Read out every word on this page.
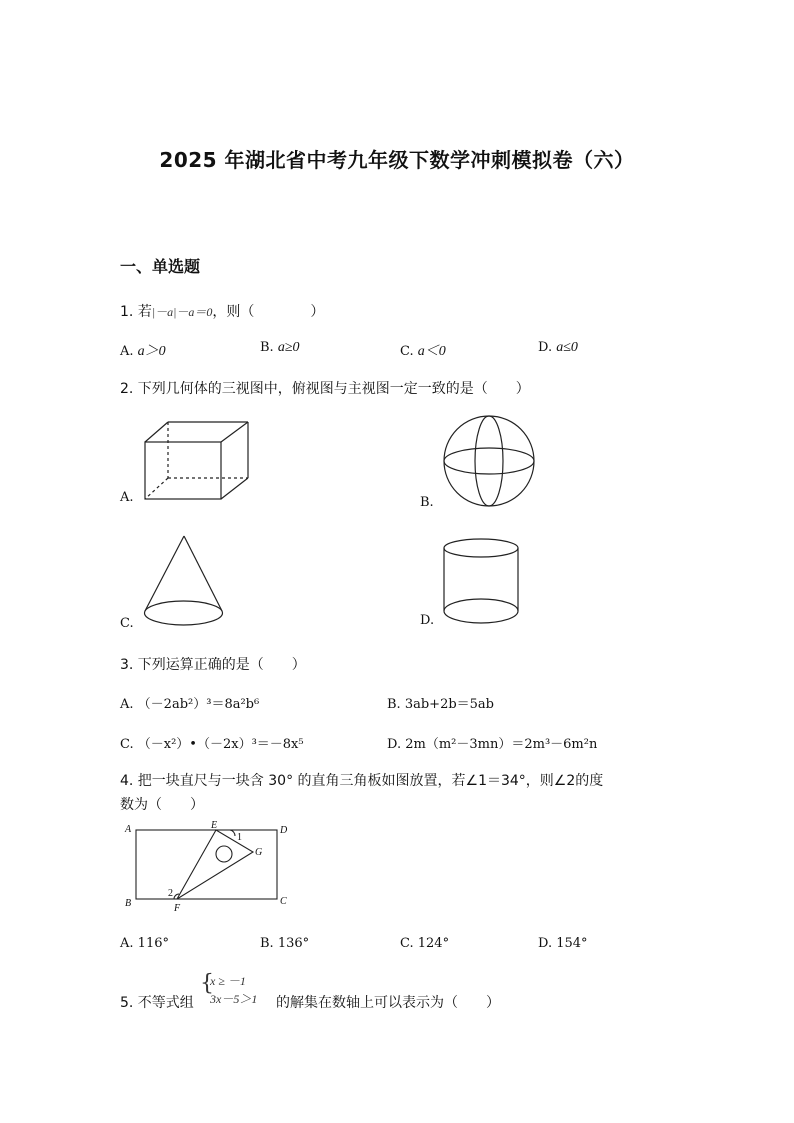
2025 年湖北省中考九年级下数学冲刺模拟卷（六）
一、单选题
1. 若|－a|－a＝0，则（　　　　）
A. a＞0	B. a≥0	C. a＜0	D. a≤0
2. 下列几何体的三视图中，俯视图与主视图一定一致的是（　　）
A.	B.
C.	D.
3. 下列运算正确的是（　　）
A. （－2ab²）³＝8a²b⁶	B. 3ab+2b＝5ab
C. （－x²）•（－2x）³＝－8x⁵	D. 2m（m²－3mn）＝2m³－6m²n
4. 把一块直尺与一块含 30° 的直角三角板如图放置，若∠1＝34°，则∠2的度
数为（　　）
A
B	C
D
E
F
G
1
2
A. 116°	B. 136°	C. 124°	D. 154°
5. 不等式组
{
x ≥ －1
3x－5＞1 的解集在数轴上可以表示为（　　）
